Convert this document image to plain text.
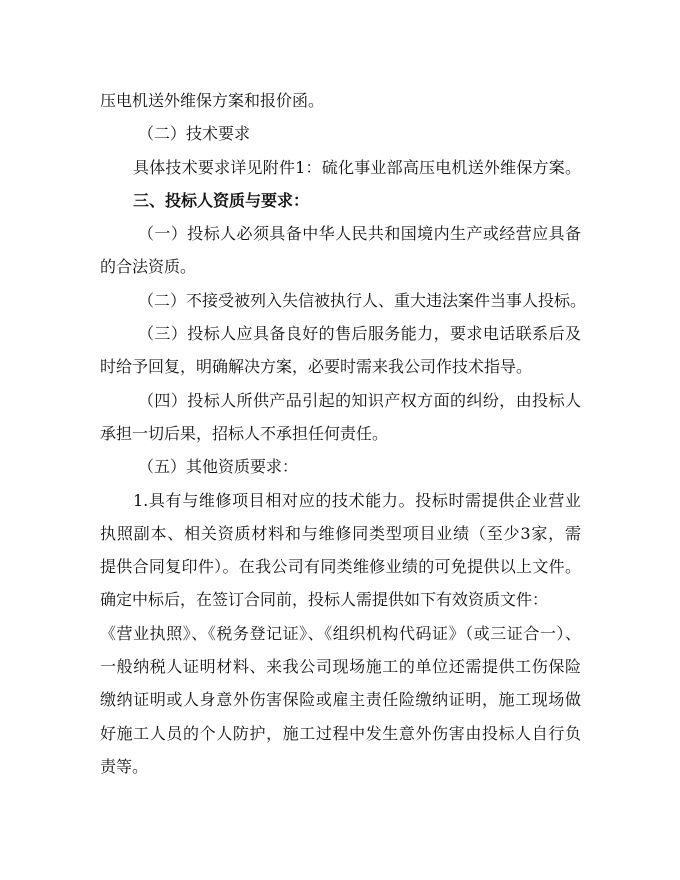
压电机送外维保方案和报价函。
（二）技术要求
具体技术要求详见附件1：硫化事业部高压电机送外维保方案。
三、投标人资质与要求：
（一）投标人必须具备中华人民共和国境内生产或经营应具备
的合法资质。
（二）不接受被列入失信被执行人、重大违法案件当事人投标。
（三）投标人应具备良好的售后服务能力，要求电话联系后及
时给予回复，明确解决方案，必要时需来我公司作技术指导。
（四）投标人所供产品引起的知识产权方面的纠纷，由投标人
承担一切后果，招标人不承担任何责任。
（五）其他资质要求：
1.具有与维修项目相对应的技术能力。投标时需提供企业营业
执照副本、相关资质材料和与维修同类型项目业绩（至少3家，需
提供合同复印件）。在我公司有同类维修业绩的可免提供以上文件。
确定中标后，在签订合同前，投标人需提供如下有效资质文件：
《营业执照》、《税务登记证》、《组织机构代码证》（或三证合一）、
一般纳税人证明材料、来我公司现场施工的单位还需提供工伤保险
缴纳证明或人身意外伤害保险或雇主责任险缴纳证明，施工现场做
好施工人员的个人防护，施工过程中发生意外伤害由投标人自行负
责等。
